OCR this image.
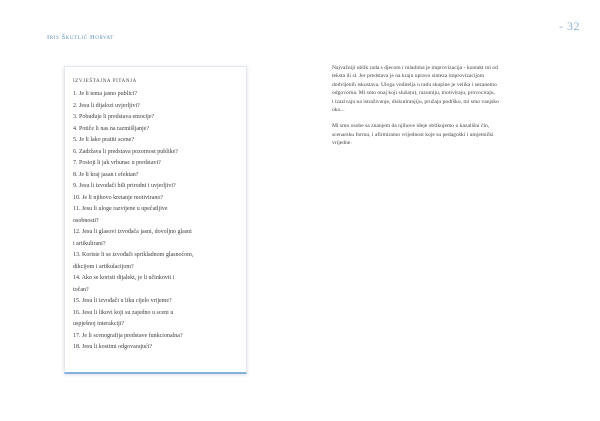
- 32
Iris Škutlić Horvat
IZVJEŠTAJNA PITANJA
1. Je li tema jasno publici?
2. Jesu li dijalozi uvjerljivi?
3. Pobuđuje li predstava emocije?
4. Potiče li nas na razmišljanje?
5. Je li lako pratiti scene?
6. Zadržava li predstava pozornost publike?
7. Postoji li jak vrhunac u predstavi?
8. Je li kraj jasan i efektan?
9. Jesu li izvođači bili prirodni i uvjerljivi?
10. Je li njihovo kretanje motivirano?
11. Jesu li uloge razvijene u upečatljive
osobnosti?
12. Jesu li glasovi izvođača jasni, dovoljno glasni
i artikulirani?
13. Koriste li se izvođači sprikladnom glasnoćom,
dikcijom i artikulacijom?
14. Ako se koristi dijalekt, je li učinkovit i
točan?
15. Jesu li izvođači u liku cijelo vrijeme?
16. Jesu li likovi koji su zajedno u sceni u
uspješnoj interakciji?
17. Je li scenografija predstave funkcionalna?
18. Jesu li kostimi odgovarajući?

Najvažniji oblik rada s djecom i mladima je improvizacija - kontakt mi od
teksta ili sl. Jer predstava je na kraju upravo sinteza improvizacijom
dodvljenih iskustava. Uloga voditelja u radu skupine je velika i sezanemo
odgovorna. Mi smo onaj koji sluša(u), razumiju, motiviraju, provociraju,
i izazivaju na istraživanje, diskutiranjiju, pružaju podršku, mi smo vanjsko
oko...

Mi smo osobe sa znanjem da njihove ideje oblikujemo u kazališni čin,
scenarsku formu, i afirmiramo vrijednost koje su pedagoški i umjetnički
vrijedne.
